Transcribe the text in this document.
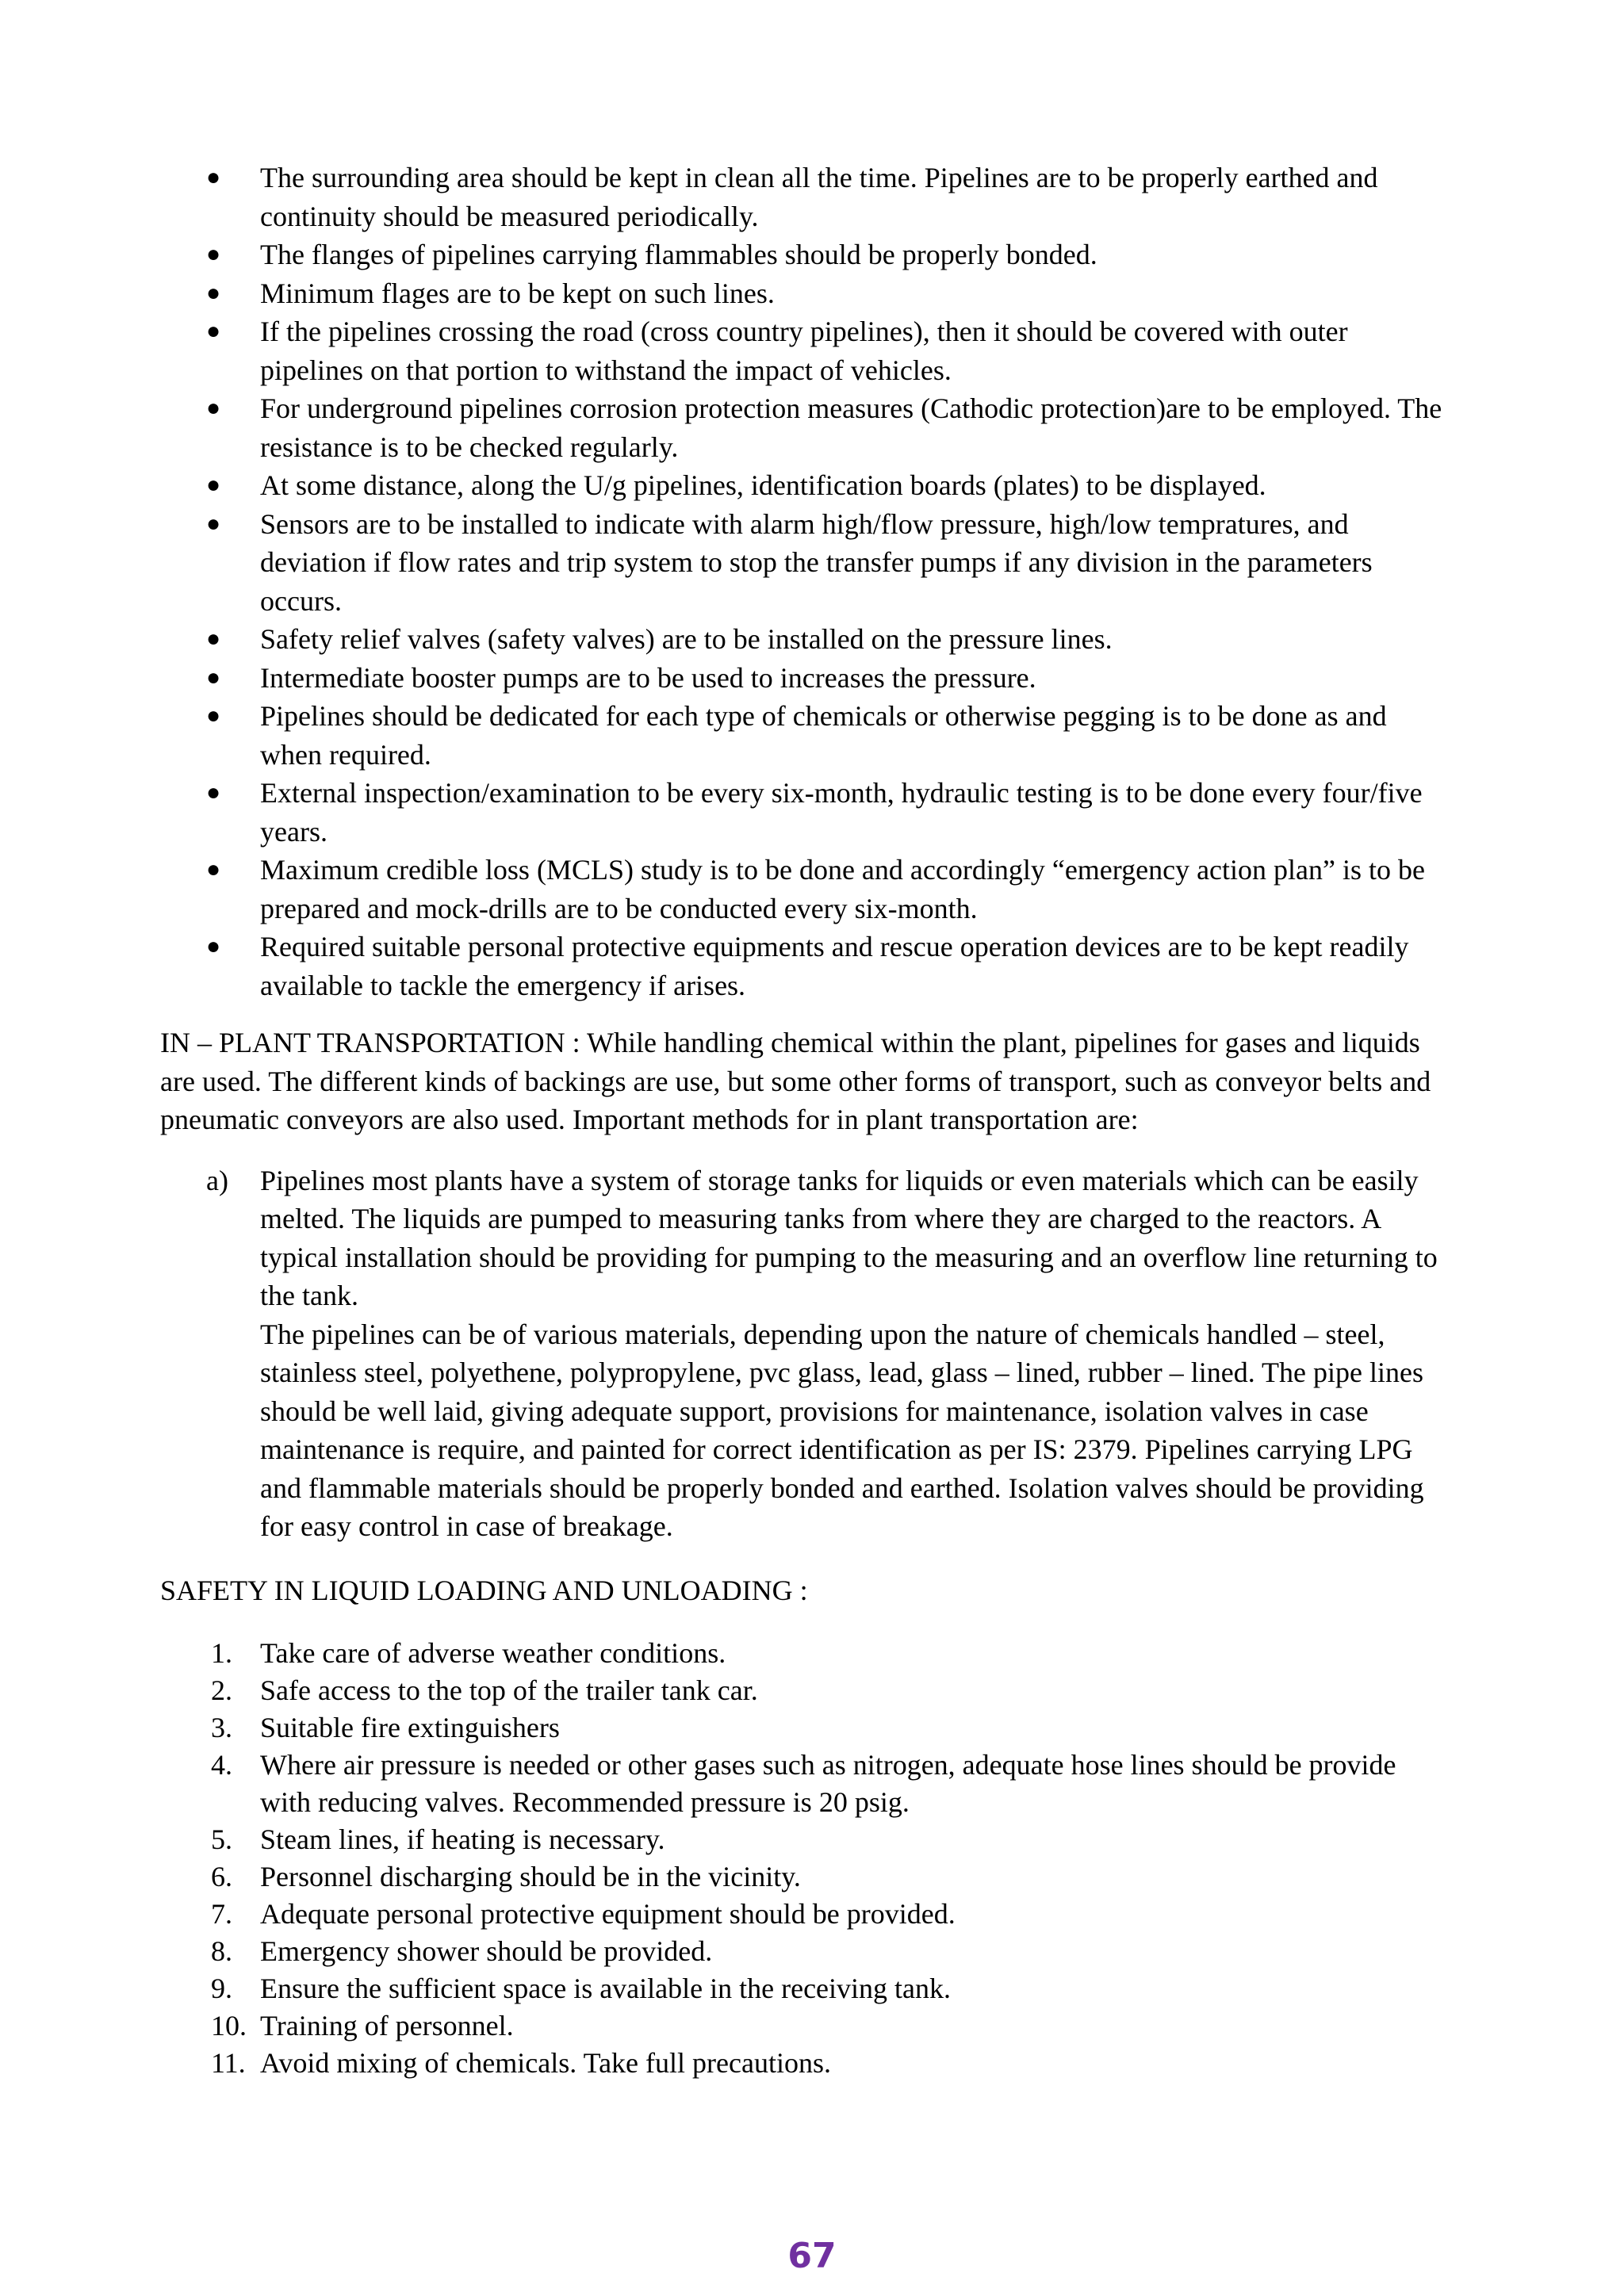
● The surrounding area should be kept in clean all the time. Pipelines are to be properly earthed and continuity should be measured periodically.
● The flanges of pipelines carrying flammables should be properly bonded.
● Minimum flages are to be kept on such lines.
● If the pipelines crossing the road (cross country pipelines), then it should be covered with outer pipelines on that portion to withstand the impact of vehicles.
● For underground pipelines corrosion protection measures (Cathodic protection)are to be employed. The resistance is to be checked regularly.
● At some distance, along the U/g pipelines, identification boards (plates) to be displayed.
● Sensors are to be installed to indicate with alarm high/flow pressure, high/low tempratures, and deviation if flow rates and trip system to stop the transfer pumps if any division in the parameters occurs.
● Safety relief valves (safety valves) are to be installed on the pressure lines.
● Intermediate booster pumps are to be used to increases the pressure.
● Pipelines should be dedicated for each type of chemicals or otherwise pegging is to be done as and when required.
● External inspection/examination to be every six-month, hydraulic testing is to be done every four/five years.
● Maximum credible loss (MCLS) study is to be done and accordingly “emergency action plan” is to be prepared and mock-drills are to be conducted every six-month.
● Required suitable personal protective equipments and rescue operation devices are to be kept readily available to tackle the emergency if arises.

IN – PLANT TRANSPORTATION : While handling chemical within the plant, pipelines for gases and liquids are used. The different kinds of backings are use, but some other forms of transport, such as conveyor belts and pneumatic conveyors are also used. Important methods for in plant transportation are:

a) Pipelines most plants have a system of storage tanks for liquids or even materials which can be easily melted. The liquids are pumped to measuring tanks from where they are charged to the reactors. A typical installation should be providing for pumping to the measuring and an overflow line returning to the tank.
The pipelines can be of various materials, depending upon the nature of chemicals handled – steel, stainless steel, polyethene, polypropylene, pvc glass, lead, glass – lined, rubber – lined. The pipe lines should be well laid, giving adequate support, provisions for maintenance, isolation valves in case maintenance is require, and painted for correct identification as per IS: 2379. Pipelines carrying LPG and flammable materials should be properly bonded and earthed. Isolation valves should be providing for easy control in case of breakage.

SAFETY IN LIQUID LOADING AND UNLOADING :

1. Take care of adverse weather conditions.
2. Safe access to the top of the trailer tank car.
3. Suitable fire extinguishers
4. Where air pressure is needed or other gases such as nitrogen, adequate hose lines should be provide with reducing valves. Recommended pressure is 20 psig.
5. Steam lines, if heating is necessary.
6. Personnel discharging should be in the vicinity.
7. Adequate personal protective equipment should be provided.
8. Emergency shower should be provided.
9. Ensure the sufficient space is available in the receiving tank.
10. Training of personnel.
11. Avoid mixing of chemicals. Take full precautions.
67
